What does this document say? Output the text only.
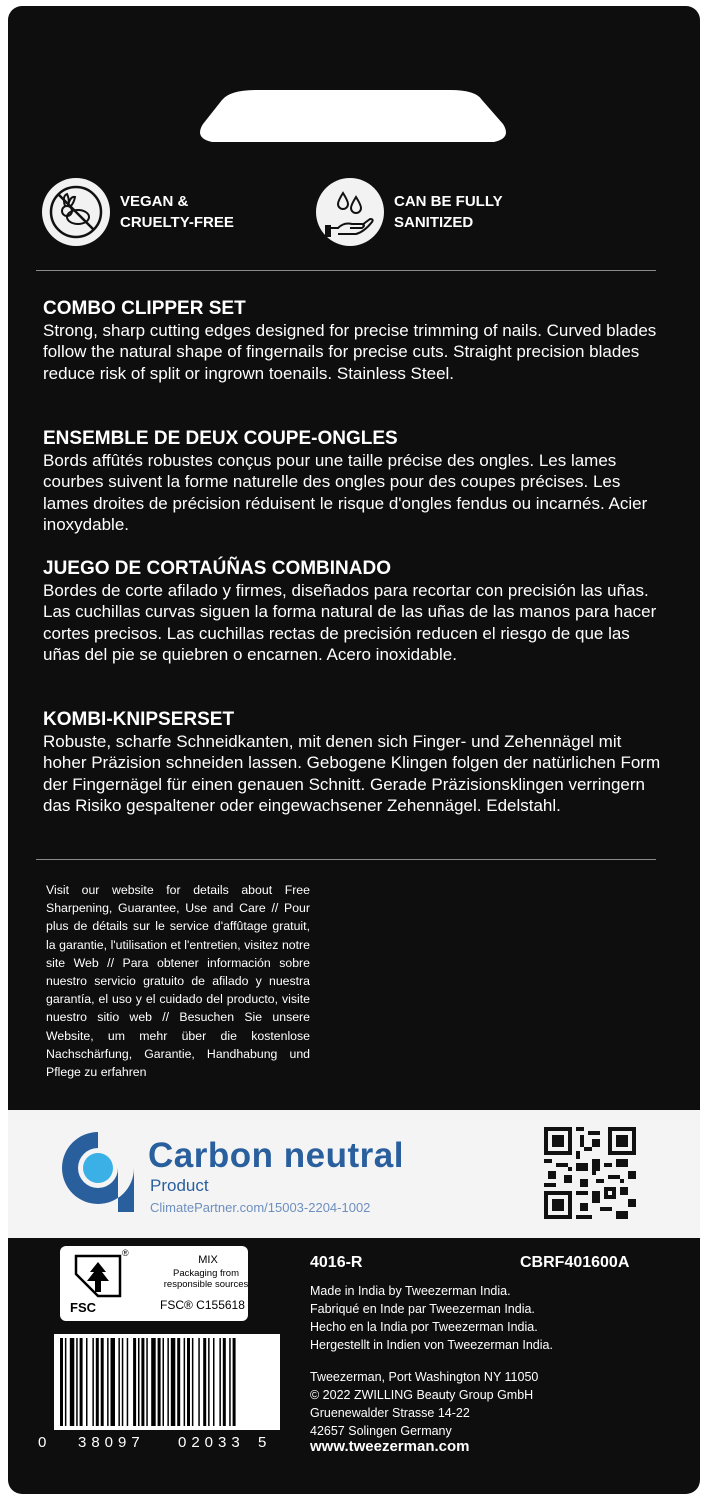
VEGAN & CRUELTY-FREE
CAN BE FULLY SANITIZED
COMBO CLIPPER SET

Strong, sharp cutting edges designed for precise trimming of nails. Curved blades follow the natural shape of fingernails for precise cuts. Straight precision blades reduce risk of split or ingrown toenails. Stainless Steel.

ENSEMBLE DE DEUX COUPE-ONGLES

Bords affûtés robustes conçus pour une taille précise des ongles. Les lames courbes suivent la forme naturelle des ongles pour des coupes précises. Les lames droites de précision réduisent le risque d'ongles fendus ou incarnés. Acier inoxydable.

JUEGO DE CORTAÚÑAS COMBINADO

Bordes de corte afilado y firmes, diseñados para recortar con precisión las uñas. Las cuchillas curvas siguen la forma natural de las uñas de las manos para hacer cortes precisos. Las cuchillas rectas de precisión reducen el riesgo de que las uñas del pie se quiebren o encarnen. Acero inoxidable.

KOMBI-KNIPSERSET

Robuste, scharfe Schneidkanten, mit denen sich Finger- und Zehennägel mit hoher Präzision schneiden lassen. Gebogene Klingen folgen der natürlichen Form der Fingernägel für einen genauen Schnitt. Gerade Präzisionsklingen verringern das Risiko gespaltener oder eingewachsener Zehennägel. Edelstahl.

Visit our website for details about Free Sharpening, Guarantee, Use and Care // Pour plus de détails sur le service d'affûtage gratuit, la garantie, l'utilisation et l'entretien, visitez notre site Web // Para obtener información sobre nuestro servicio gratuito de afilado y nuestra garantía, el uso y el cuidado del producto, visite nuestro sitio web // Besuchen Sie unsere Website, um mehr über die kostenlose Nachschärfung, Garantie, Handhabung und Pflege zu erfahren

Carbon neutral
Product
ClimatePartner.com/15003-2204-1002
®
FSC
MIX
Packaging from responsible sources
FSC® C155618
0 38097 02033 5
4016-R	CBRF401600A

Made in India by Tweezerman India.
Fabriqué en Inde par Tweezerman India.
Hecho en la India por Tweezerman India.
Hergestellt in Indien von Tweezerman India.

Tweezerman, Port Washington NY 11050
© 2022 ZWILLING Beauty Group GmbH
Gruenewalder Strasse 14-22
42657 Solingen Germany

www.tweezerman.com
